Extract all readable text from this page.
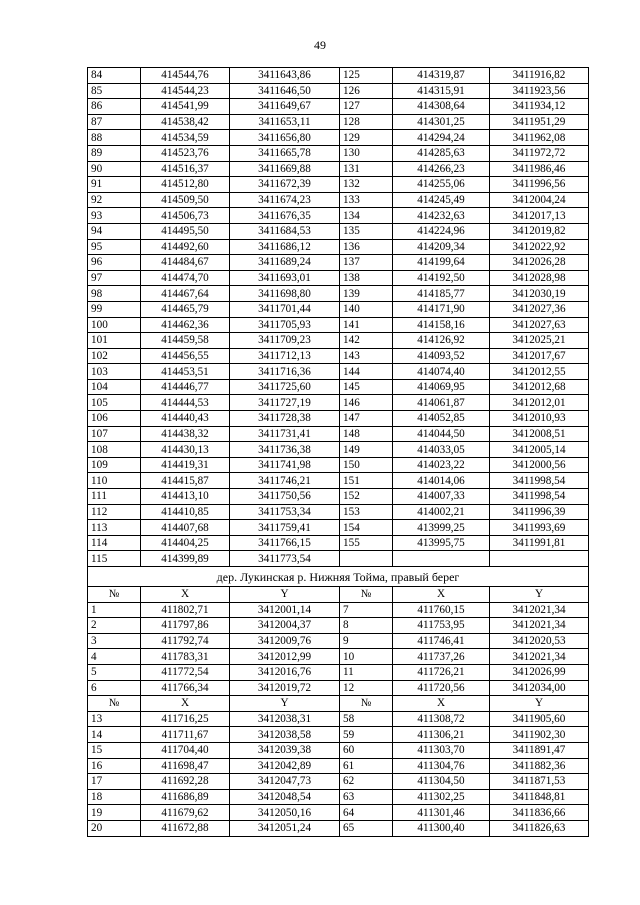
49
84	414544,76	3411643,86	125	414319,87	3411916,82
85	414544,23	3411646,50	126	414315,91	3411923,56
86	414541,99	3411649,67	127	414308,64	3411934,12
87	414538,42	3411653,11	128	414301,25	3411951,29
88	414534,59	3411656,80	129	414294,24	3411962,08
89	414523,76	3411665,78	130	414285,63	3411972,72
90	414516,37	3411669,88	131	414266,23	3411986,46
91	414512,80	3411672,39	132	414255,06	3411996,56
92	414509,50	3411674,23	133	414245,49	3412004,24
93	414506,73	3411676,35	134	414232,63	3412017,13
94	414495,50	3411684,53	135	414224,96	3412019,82
95	414492,60	3411686,12	136	414209,34	3412022,92
96	414484,67	3411689,24	137	414199,64	3412026,28
97	414474,70	3411693,01	138	414192,50	3412028,98
98	414467,64	3411698,80	139	414185,77	3412030,19
99	414465,79	3411701,44	140	414171,90	3412027,36
100	414462,36	3411705,93	141	414158,16	3412027,63
101	414459,58	3411709,23	142	414126,92	3412025,21
102	414456,55	3411712,13	143	414093,52	3412017,67
103	414453,51	3411716,36	144	414074,40	3412012,55
104	414446,77	3411725,60	145	414069,95	3412012,68
105	414444,53	3411727,19	146	414061,87	3412012,01
106	414440,43	3411728,38	147	414052,85	3412010,93
107	414438,32	3411731,41	148	414044,50	3412008,51
108	414430,13	3411736,38	149	414033,05	3412005,14
109	414419,31	3411741,98	150	414023,22	3412000,56
110	414415,87	3411746,21	151	414014,06	3411998,54
111	414413,10	3411750,56	152	414007,33	3411998,54
112	414410,85	3411753,34	153	414002,21	3411996,39
113	414407,68	3411759,41	154	413999,25	3411993,69
114	414404,25	3411766,15	155	413995,75	3411991,81
115	414399,89	3411773,54			
дер. Лукинская р. Нижняя Тойма, правый берег					
№	X	Y	№	X	Y
1	411802,71	3412001,14	7	411760,15	3412021,34
2	411797,86	3412004,37	8	411753,95	3412021,34
3	411792,74	3412009,76	9	411746,41	3412020,53
4	411783,31	3412012,99	10	411737,26	3412021,34
5	411772,54	3412016,76	11	411726,21	3412026,99
6	411766,34	3412019,72	12	411720,56	3412034,00
№	X	Y	№	X	Y
13	411716,25	3412038,31	58	411308,72	3411905,60
14	411711,67	3412038,58	59	411306,21	3411902,30
15	411704,40	3412039,38	60	411303,70	3411891,47
16	411698,47	3412042,89	61	411304,76	3411882,36
17	411692,28	3412047,73	62	411304,50	3411871,53
18	411686,89	3412048,54	63	411302,25	3411848,81
19	411679,62	3412050,16	64	411301,46	3411836,66
20	411672,88	3412051,24	65	411300,40	3411826,63
